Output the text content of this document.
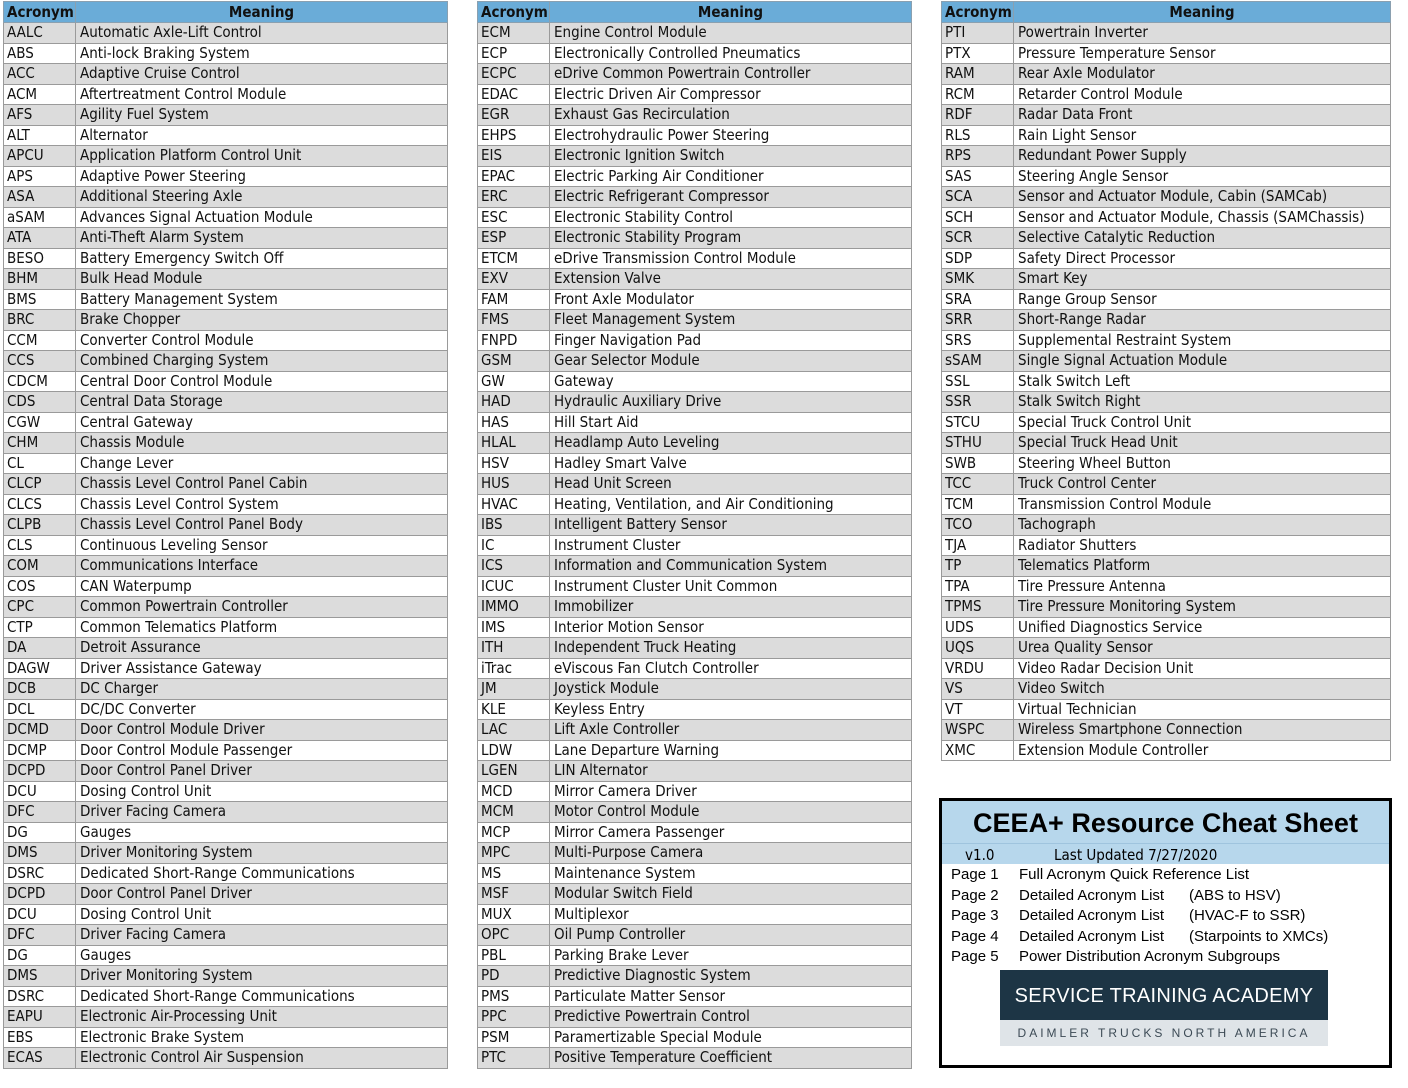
Acronym	Meaning
AALC	Automatic Axle-Lift Control
ABS	Anti-lock Braking System
ACC	Adaptive Cruise Control
ACM	Aftertreatment Control Module
AFS	Agility Fuel System
ALT	Alternator
APCU	Application Platform Control Unit
APS	Adaptive Power Steering
ASA	Additional Steering Axle
aSAM	Advances Signal Actuation Module
ATA	Anti-Theft Alarm System
BESO	Battery Emergency Switch Off
BHM	Bulk Head Module
BMS	Battery Management System
BRC	Brake Chopper
CCM	Converter Control Module
CCS	Combined Charging System
CDCM	Central Door Control Module
CDS	Central Data Storage
CGW	Central Gateway
CHM	Chassis Module
CL	Change Lever
CLCP	Chassis Level Control Panel Cabin
CLCS	Chassis Level Control System
CLPB	Chassis Level Control Panel Body
CLS	Continuous Leveling Sensor
COM	Communications Interface
COS	CAN Waterpump
CPC	Common Powertrain Controller
CTP	Common Telematics Platform
DA	Detroit Assurance
DAGW	Driver Assistance Gateway
DCB	DC Charger
DCL	DC/DC Converter
DCMD	Door Control Module Driver
DCMP	Door Control Module Passenger
DCPD	Door Control Panel Driver
DCU	Dosing Control Unit
DFC	Driver Facing Camera
DG	Gauges
DMS	Driver Monitoring System
DSRC	Dedicated Short-Range Communications
DCPD	Door Control Panel Driver
DCU	Dosing Control Unit
DFC	Driver Facing Camera
DG	Gauges
DMS	Driver Monitoring System
DSRC	Dedicated Short-Range Communications
EAPU	Electronic Air-Processing Unit
EBS	Electronic Brake System
ECAS	Electronic Control Air Suspension
Acronym	Meaning
ECM	Engine Control Module
ECP	Electronically Controlled Pneumatics
ECPC	eDrive Common Powertrain Controller
EDAC	Electric Driven Air Compressor
EGR	Exhaust Gas Recirculation
EHPS	Electrohydraulic Power Steering
EIS	Electronic Ignition Switch
EPAC	Electric Parking Air Conditioner
ERC	Electric Refrigerant Compressor
ESC	Electronic Stability Control
ESP	Electronic Stability Program
ETCM	eDrive Transmission Control Module
EXV	Extension Valve
FAM	Front Axle Modulator
FMS	Fleet Management System
FNPD	Finger Navigation Pad
GSM	Gear Selector Module
GW	Gateway
HAD	Hydraulic Auxiliary Drive
HAS	Hill Start Aid
HLAL	Headlamp Auto Leveling
HSV	Hadley Smart Valve
HUS	Head Unit Screen
HVAC	Heating, Ventilation, and Air Conditioning
IBS	Intelligent Battery Sensor
IC	Instrument Cluster
ICS	Information and Communication System
ICUC	Instrument Cluster Unit Common
IMMO	Immobilizer
IMS	Interior Motion Sensor
ITH	Independent Truck Heating
iTrac	eViscous Fan Clutch Controller
JM	Joystick Module
KLE	Keyless Entry
LAC	Lift Axle Controller
LDW	Lane Departure Warning
LGEN	LIN Alternator
MCD	Mirror Camera Driver
MCM	Motor Control Module
MCP	Mirror Camera Passenger
MPC	Multi-Purpose Camera
MS	Maintenance System
MSF	Modular Switch Field
MUX	Multiplexor
OPC	Oil Pump Controller
PBL	Parking Brake Lever
PD	Predictive Diagnostic System
PMS	Particulate Matter Sensor
PPC	Predictive Powertrain Control
PSM	Paramertizable Special Module
PTC	Positive Temperature Coefficient
Acronym	Meaning
PTI	Powertrain Inverter
PTX	Pressure Temperature Sensor
RAM	Rear Axle Modulator
RCM	Retarder Control Module
RDF	Radar Data Front
RLS	Rain Light Sensor
RPS	Redundant Power Supply
SAS	Steering Angle Sensor
SCA	Sensor and Actuator Module, Cabin (SAMCab)
SCH	Sensor and Actuator Module, Chassis (SAMChassis)
SCR	Selective Catalytic Reduction
SDP	Safety Direct Processor
SMK	Smart Key
SRA	Range Group Sensor
SRR	Short-Range Radar
SRS	Supplemental Restraint System
sSAM	Single Signal Actuation Module
SSL	Stalk Switch Left
SSR	Stalk Switch Right
STCU	Special Truck Control Unit
STHU	Special Truck Head Unit
SWB	Steering Wheel Button
TCC	Truck Control Center
TCM	Transmission Control Module
TCO	Tachograph
TJA	Radiator Shutters
TP	Telematics Platform
TPA	Tire Pressure Antenna
TPMS	Tire Pressure Monitoring System
UDS	Unified Diagnostics Service
UQS	Urea Quality Sensor
VRDU	Video Radar Decision Unit
VS	Video Switch
VT	Virtual Technician
WSPC	Wireless Smartphone Connection
XMC	Extension Module Controller
CEEA+ Resource Cheat Sheet
v1.0	Last Updated 7/27/2020
Page 1 Full Acronym Quick Reference List
Page 2 Detailed Acronym List (ABS to HSV)
Page 3 Detailed Acronym List (HVAC-F to SSR)
Page 4 Detailed Acronym List (Starpoints to XMCs)
Page 5 Power Distribution Acronym Subgroups
SERVICE TRAINING ACADEMY
DAIMLER TRUCKS NORTH AMERICA
